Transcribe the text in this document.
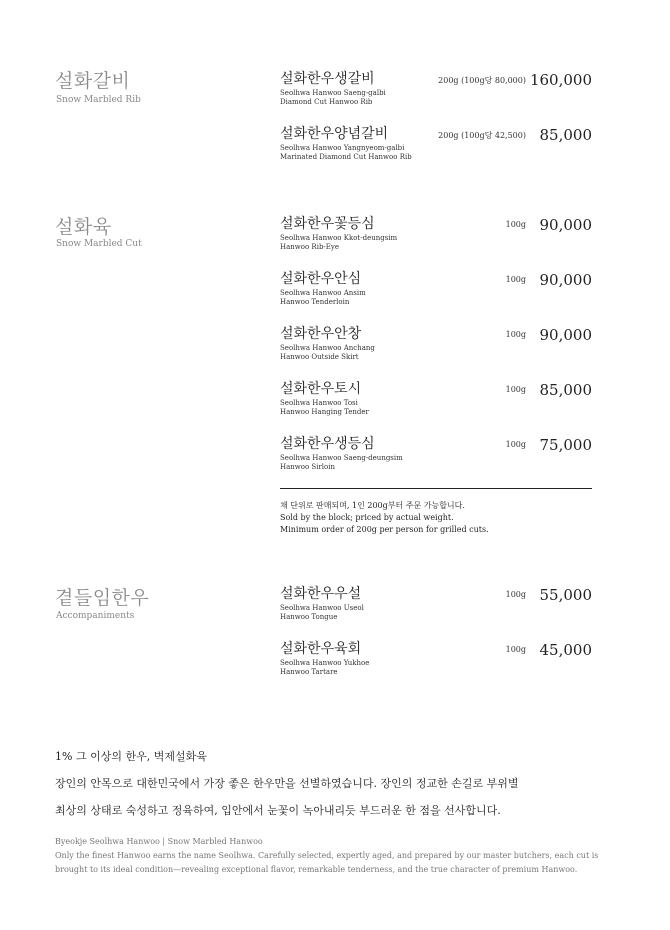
설화갈비
Snow Marbled Rib
설화한우생갈비
Seolhwa Hanwoo Saeng-galbi
Diamond Cut Hanwoo Rib
200g (100g당 80,000) 160,000
설화한우양념갈비
Seolhwa Hanwoo Yangnyeom-galbi
Marinated Diamond Cut Hanwoo Rib
200g (100g당 42,500) 85,000
설화육
Snow Marbled Cut
설화한우꽃등심
Seolhwa Hanwoo Kkot-deungsim
Hanwoo Rib-Eye
100g 90,000
설화한우안심
Seolhwa Hanwoo Ansim
Hanwoo Tenderloin
100g 90,000
설화한우안창
Seolhwa Hanwoo Anchang
Hanwoo Outside Skirt
100g 90,000
설화한우토시
Seolhwa Hanwoo Tosi
Hanwoo Hanging Tender
100g 85,000
설화한우생등심
Seolhwa Hanwoo Saeng-deungsim
Hanwoo Sirloin
100g 75,000
채 단위로 판매되며, 1인 200g부터 주문 가능합니다.
Sold by the block; priced by actual weight.
Minimum order of 200g per person for grilled cuts.
곁들임한우
Accompaniments
설화한우우설
Seolhwa Hanwoo Useol
Hanwoo Tongue
100g 55,000
설화한우육회
Seolhwa Hanwoo Yukhoe
Hanwoo Tartare
100g 45,000
1% 그 이상의 한우, 벽제설화육
장인의 안목으로 대한민국에서 가장 좋은 한우만을 선별하였습니다. 장인의 정교한 손길로 부위별
최상의 상태로 숙성하고 정육하여, 입안에서 눈꽃이 녹아내리듯 부드러운 한 점을 선사합니다.
Byeokje Seolhwa Hanwoo | Snow Marbled Hanwoo
Only the finest Hanwoo earns the name Seolhwa. Carefully selected, expertly aged, and prepared by our master butchers, each cut is
brought to its ideal condition—revealing exceptional flavor, remarkable tenderness, and the true character of premium Hanwoo.
